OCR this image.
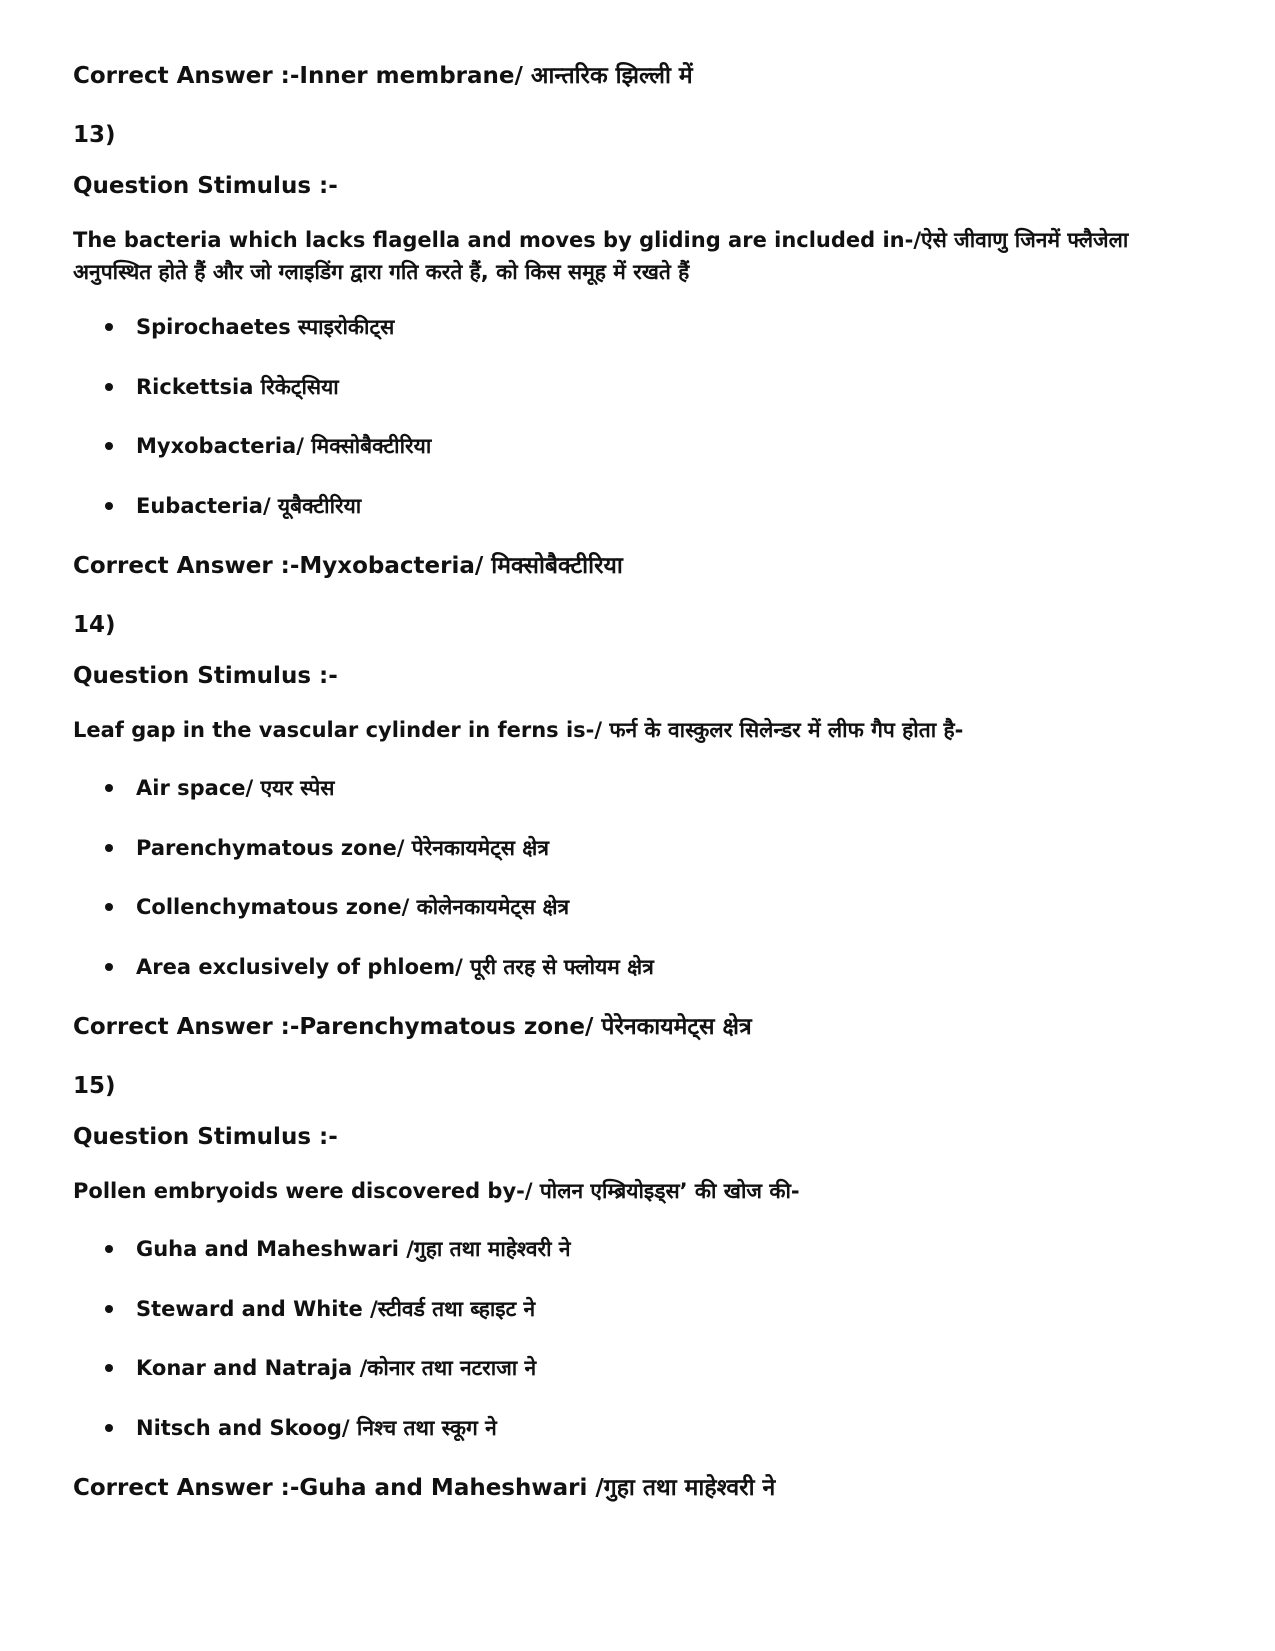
Correct Answer :-Inner membrane/ आन्तरिक झिल्ली में
13)
Question Stimulus :-
The bacteria which lacks flagella and moves by gliding are included in-/ऐसे जीवाणु जिनमें फ्लैजेला अनुपस्थित होते हैं और जो ग्लाइडिंग द्वारा गति करते हैं, को किस समूह में रखते हैं
Spirochaetes स्पाइरोकीट्स
Rickettsia रिकेट्सिया
Myxobacteria/ मिक्सोबैक्टीरिया
Eubacteria/ यूबैक्टीरिया
Correct Answer :-Myxobacteria/ मिक्सोबैक्टीरिया
14)
Question Stimulus :-
Leaf gap in the vascular cylinder in ferns is-/ फर्न के वास्कुलर सिलेन्डर में लीफ गैप होता है-
Air space/ एयर स्पेस
Parenchymatous zone/ पेरेनकायमेट्स क्षेत्र
Collenchymatous zone/ कोलेनकायमेट्स क्षेत्र
Area exclusively of phloem/ पूरी तरह से फ्लोयम क्षेत्र
Correct Answer :-Parenchymatous zone/ पेरेनकायमेट्स क्षेत्र
15)
Question Stimulus :-
Pollen embryoids were discovered by-/ पोलन एम्ब्रियोइड्स’ की खोज की-
Guha and Maheshwari /गुहा तथा माहेश्वरी ने
Steward and White /स्टीवर्ड तथा ब्हाइट ने
Konar and Natraja /कोनार तथा नटराजा ने
Nitsch and Skoog/ निश्च तथा स्कूग ने
Correct Answer :-Guha and Maheshwari /गुहा तथा माहेश्वरी ने
